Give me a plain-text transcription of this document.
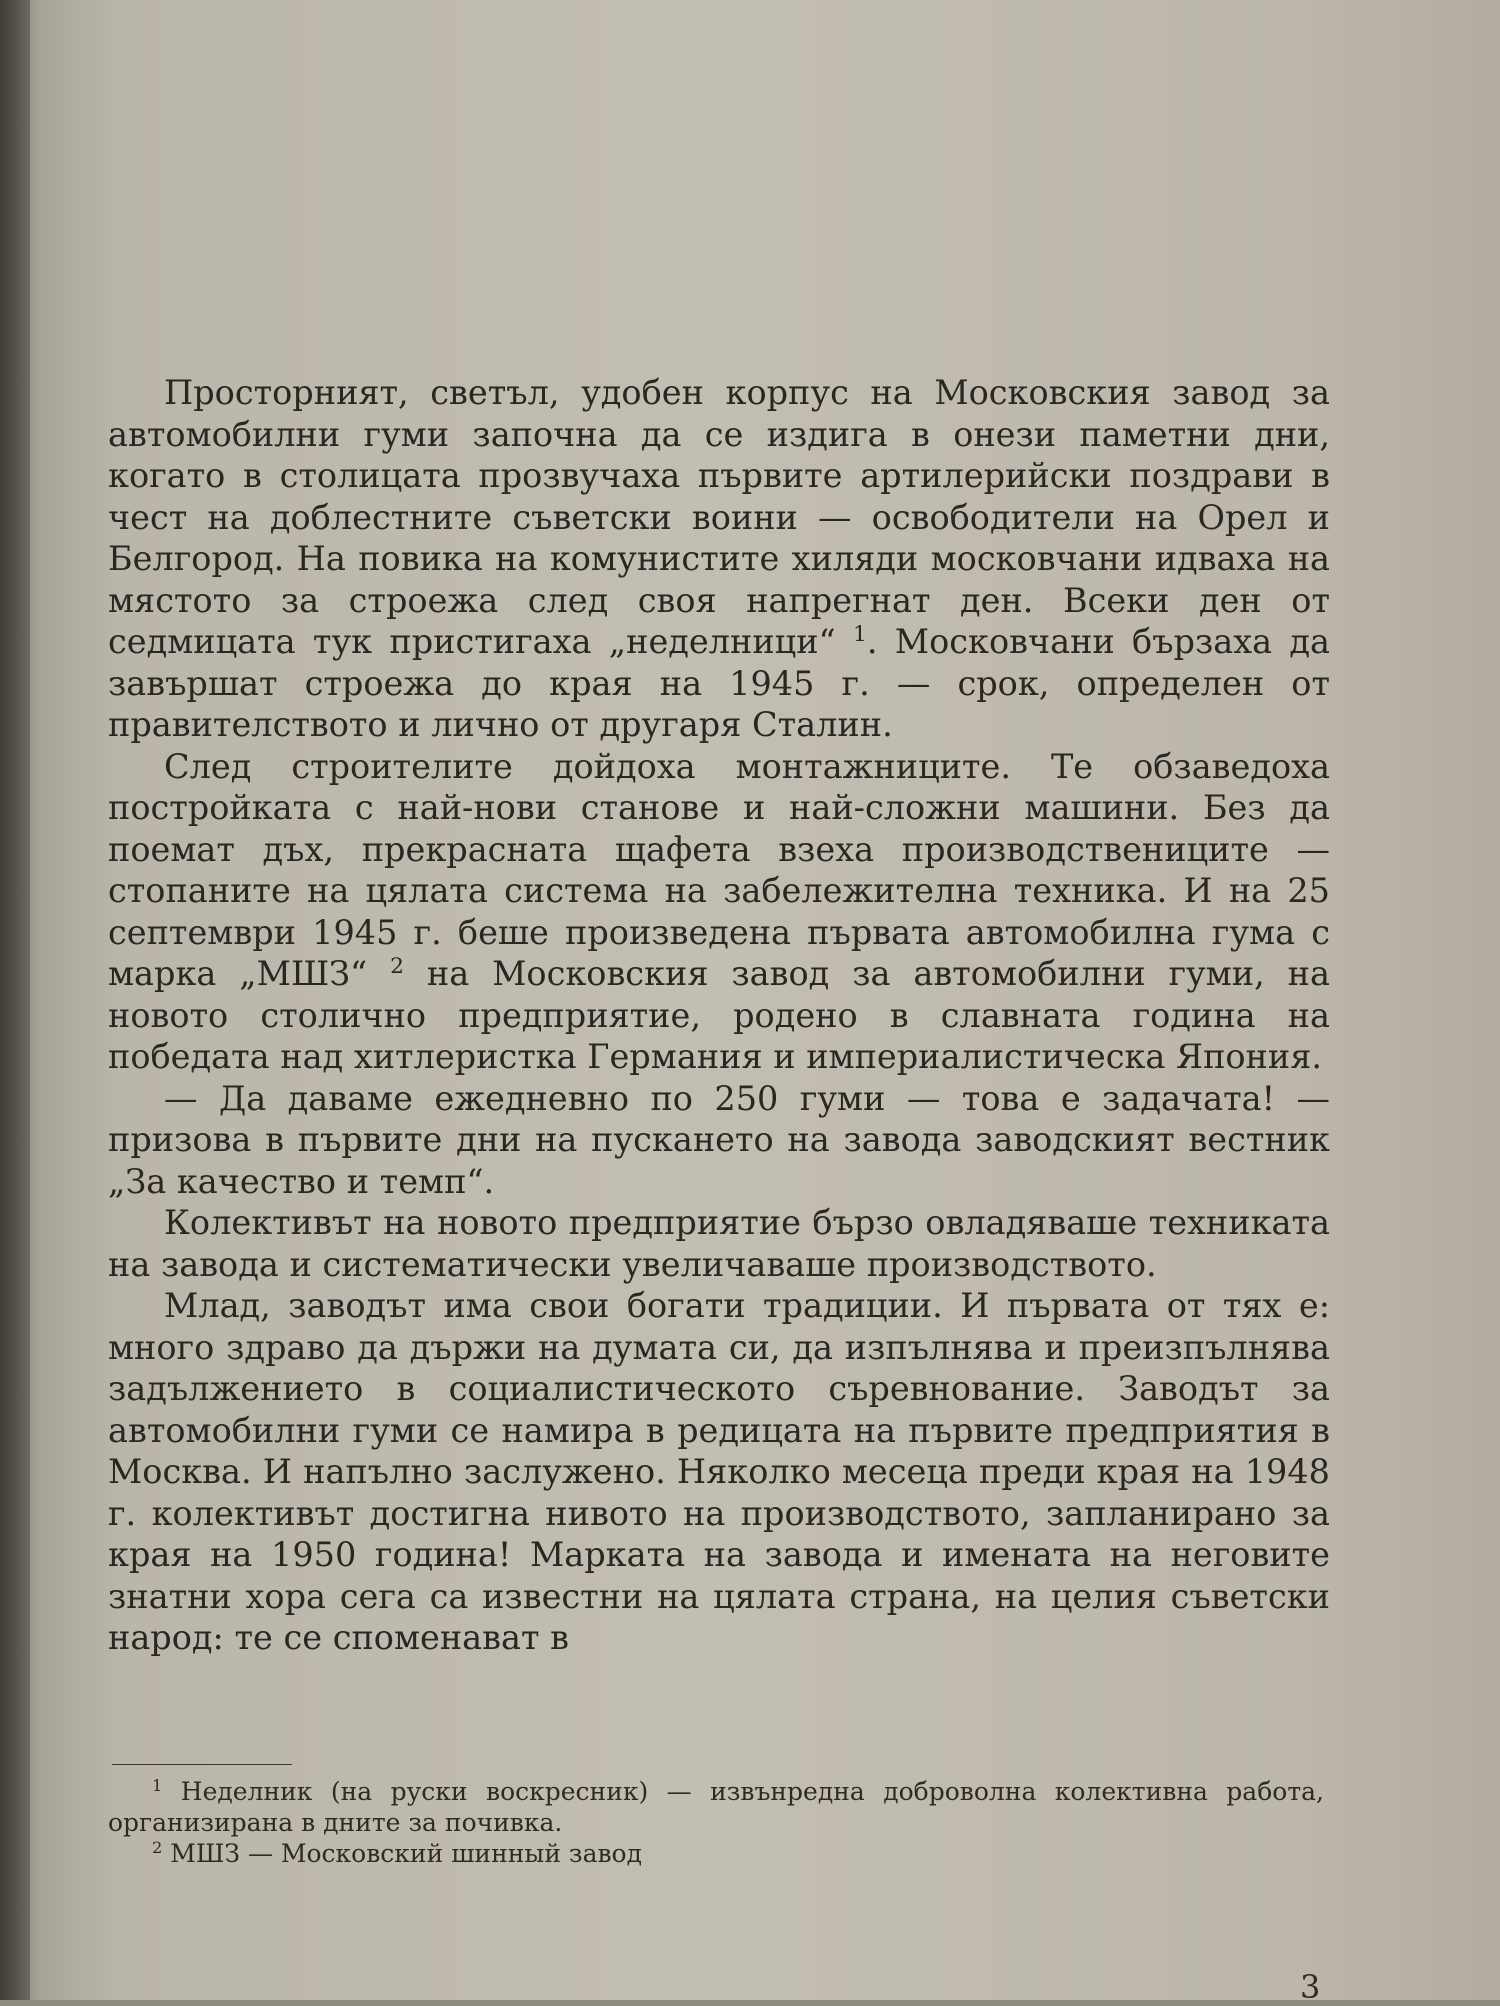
Просторният, светъл, удобен корпус на Московския завод за автомобилни гуми започна да се издига в онези паметни дни, когато в столицата прозвучаха първите артилерийски поздрави в чест на доблестните съветски воини — освободители на Орел и Белгород. На повика на комунистите хиляди московчани идваха на мястото за строежа след своя напрегнат ден. Всеки ден от седмицата тук пристигаха „неделници“ $^1$. Московчани бързаха да завършат строежа до края на 1945 г. — срок, определен от правителството и лично от другаря Сталин.

След строителите дойдоха монтажниците. Те обзаведоха постройката с най-нови станове и най-сложни машини. Без да поемат дъх, прекрасната щафета взеха производствениците — стопаните на цялата система на забележителна техника. И на 25 септември 1945 г. беше произведена първата автомобилна гума с марка „МШЗ“ $^2$ на Московския завод за автомобилни гуми, на новото столично предприятие, родено в славната година на победата над хитлеристка Германия и империалистическа Япония.

— Да даваме ежедневно по 250 гуми — това е задачата! — призова в първите дни на пускането на завода заводският вестник „За качество и темп“.

Колективът на новото предприятие бързо овладяваше техниката на завода и систематически увеличаваше производството.

Млад, заводът има свои богати традиции. И първата от тях е: много здраво да държи на думата си, да изпълнява и преизпълнява задължението в социалистическото съревнование. Заводът за автомобилни гуми се намира в редицата на първите предприятия в Москва. И напълно заслужено. Няколко месеца преди края на 1948 г. колективът достигна нивото на производството, запланирано за края на 1950 година! Марката на завода и имената на неговите знатни хора сега са известни на цялата страна, на целия съветски народ: те се споменават в

$^1$ Неделник (на руски воскресник) — извънредна доброволна колективна работа, организирана в дните за почивка.

$^2$ МШЗ — Московский шинный завод

3
